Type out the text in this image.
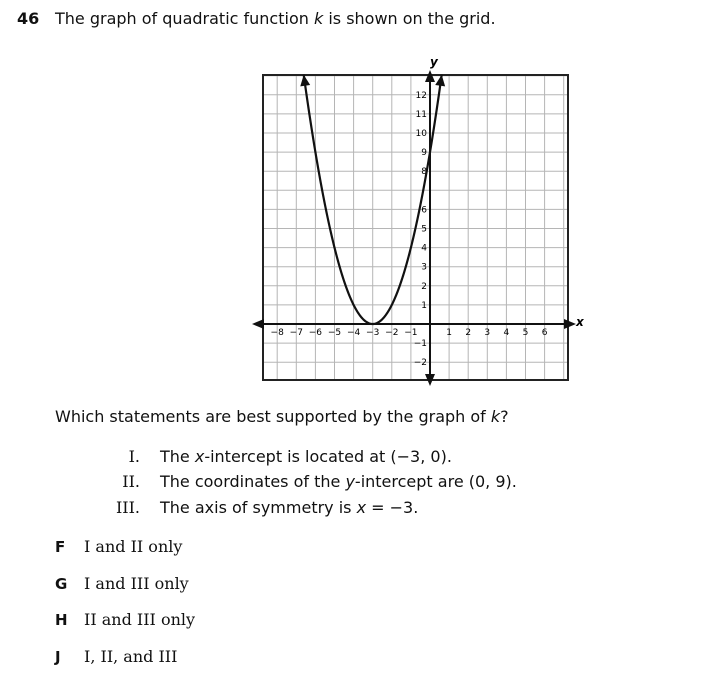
46 The graph of quadratic function k is shown on the grid.
−8 −7 −6 −5 −4 −3 −2 −1	1 2 3 4 5 6
12
11
10
9
8
6
5
4
3
2
1
−1
−2
x
y
Which statements are best supported by the graph of k?
I. The x-intercept is located at (−3, 0).
II. The coordinates of the y-intercept are (0, 9).
III. The axis of symmetry is x = −3.
F I and II only
G I and III only
H II and III only
J I, II, and III
